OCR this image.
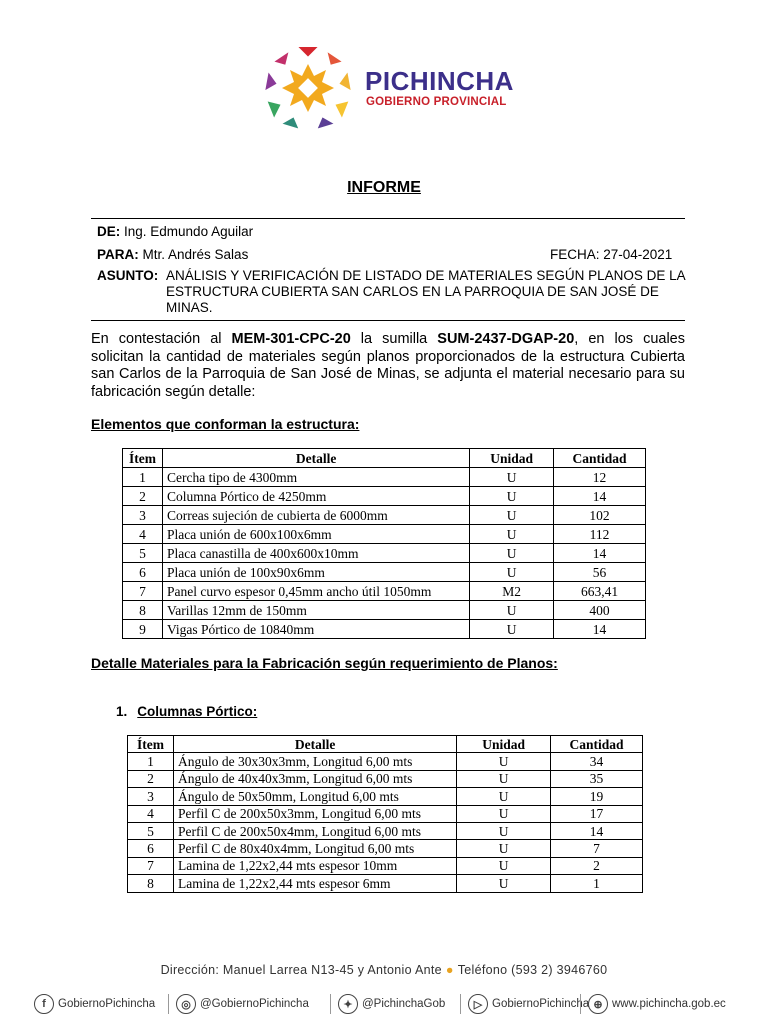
PICHINCHA
GOBIERNO PROVINCIAL
INFORME
DE: Ing. Edmundo Aguilar
PARA: Mtr. Andrés Salas	FECHA: 27-04-2021
ASUNTO: ANÁLISIS Y VERIFICACIÓN DE LISTADO DE MATERIALES SEGÚN PLANOS DE LA ESTRUCTURA CUBIERTA SAN CARLOS EN LA PARROQUIA DE SAN JOSÉ DE MINAS.
En contestación al MEM-301-CPC-20 la sumilla SUM-2437-DGAP-20, en los cuales solicitan la cantidad de materiales según planos proporcionados de la estructura Cubierta san Carlos de la Parroquia de San José de Minas, se adjunta el material necesario para su fabricación según detalle:
Elementos que conforman la estructura:
Ítem	Detalle	Unidad	Cantidad
1	Cercha tipo de 4300mm	U	12
2	Columna Pórtico de 4250mm	U	14
3	Correas sujeción de cubierta de 6000mm	U	102
4	Placa unión de 600x100x6mm	U	112
5	Placa canastilla de 400x600x10mm	U	14
6	Placa unión de 100x90x6mm	U	56
7	Panel curvo espesor 0,45mm ancho útil 1050mm	M2	663,41
8	Varillas 12mm de 150mm	U	400
9	Vigas Pórtico de 10840mm	U	14
Detalle Materiales para la Fabricación según requerimiento de Planos:
1. Columnas Pórtico:
Ítem	Detalle	Unidad	Cantidad
1	Ángulo de 30x30x3mm, Longitud 6,00 mts	U	34
2	Ángulo de 40x40x3mm, Longitud 6,00 mts	U	35
3	Ángulo de 50x50mm, Longitud 6,00 mts	U	19
4	Perfil C de 200x50x3mm, Longitud 6,00 mts	U	17
5	Perfil C de 200x50x4mm, Longitud 6,00 mts	U	14
6	Perfil C de 80x40x4mm, Longitud 6,00 mts	U	7
7	Lamina de 1,22x2,44 mts espesor 10mm	U	2
8	Lamina de 1,22x2,44 mts espesor 6mm	U	1
Dirección: Manuel Larrea N13-45 y Antonio Ante ● Teléfono (593 2) 3946760
f	GobiernoPichincha	◎ @GobiernoPichincha	✦ @PichinchaGob	▷ GobiernoPichincha ⊕ www.pichincha.gob.ec
